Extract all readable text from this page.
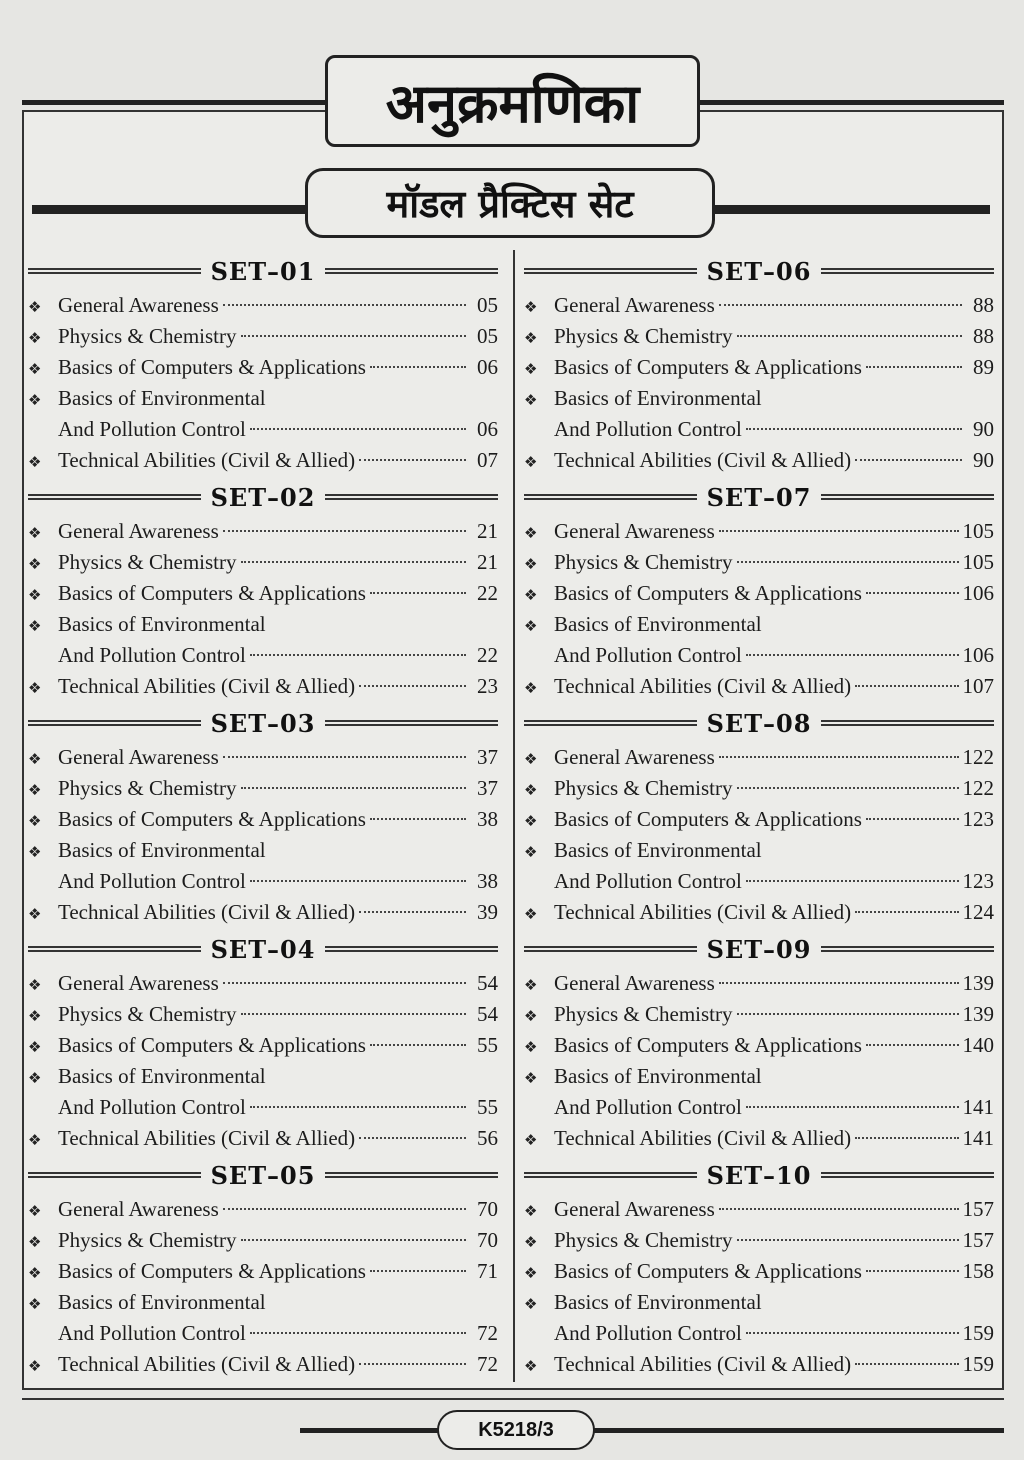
अनुक्रमणिका
मॉडल प्रैक्टिस सेट
SET–01
❖ General Awareness	05
❖ Physics & Chemistry	05
❖ Basics of Computers & Applications	06
❖ Basics of Environmental
And Pollution Control	06
❖ Technical Abilities (Civil & Allied)	07
SET–02
❖ General Awareness	21
❖ Physics & Chemistry	21
❖ Basics of Computers & Applications	22
❖ Basics of Environmental
And Pollution Control	22
❖ Technical Abilities (Civil & Allied)	23
SET–03
❖ General Awareness	37
❖ Physics & Chemistry	37
❖ Basics of Computers & Applications	38
❖ Basics of Environmental
And Pollution Control	38
❖ Technical Abilities (Civil & Allied)	39
SET–04
❖ General Awareness	54
❖ Physics & Chemistry	54
❖ Basics of Computers & Applications	55
❖ Basics of Environmental
And Pollution Control	55
❖ Technical Abilities (Civil & Allied)	56
SET–05
❖ General Awareness	70
❖ Physics & Chemistry	70
❖ Basics of Computers & Applications	71
❖ Basics of Environmental
And Pollution Control	72
❖ Technical Abilities (Civil & Allied)	72
SET–06
❖ General Awareness	88
❖ Physics & Chemistry	88
❖ Basics of Computers & Applications	89
❖ Basics of Environmental
And Pollution Control	90
❖ Technical Abilities (Civil & Allied)	90
SET–07
❖ General Awareness	105
❖ Physics & Chemistry	105
❖ Basics of Computers & Applications	106
❖ Basics of Environmental
And Pollution Control	106
❖ Technical Abilities (Civil & Allied)	107
SET–08
❖ General Awareness	122
❖ Physics & Chemistry	122
❖ Basics of Computers & Applications	123
❖ Basics of Environmental
And Pollution Control	123
❖ Technical Abilities (Civil & Allied)	124
SET–09
❖ General Awareness	139
❖ Physics & Chemistry	139
❖ Basics of Computers & Applications	140
❖ Basics of Environmental
And Pollution Control	141
❖ Technical Abilities (Civil & Allied)	141
SET–10
❖ General Awareness	157
❖ Physics & Chemistry	157
❖ Basics of Computers & Applications	158
❖ Basics of Environmental
And Pollution Control	159
❖ Technical Abilities (Civil & Allied)	159
K5218/3
